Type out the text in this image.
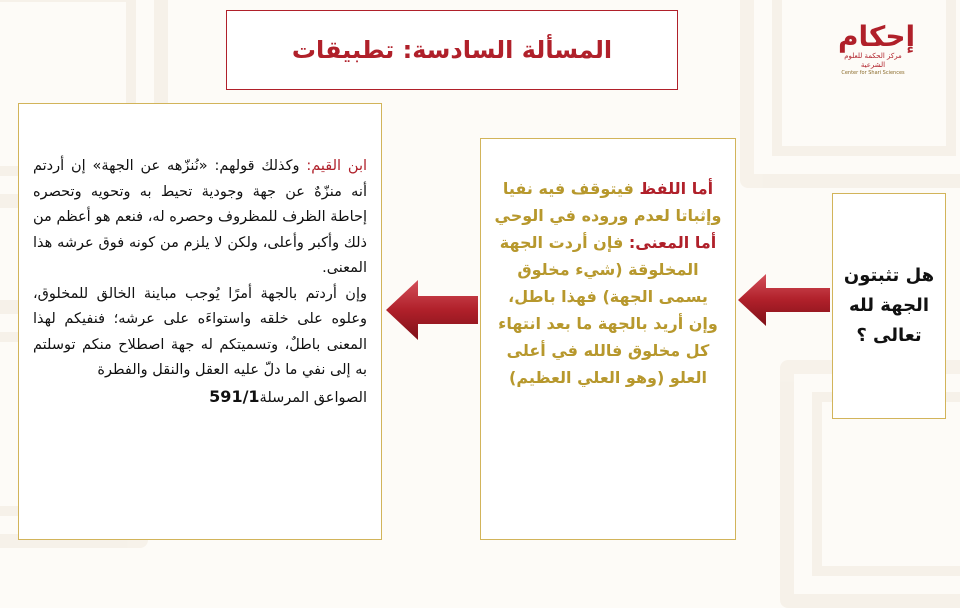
المسألة السادسة: تطبيقات	إحكام
مركز الحكمة للعلوم الشرعية
Center for Shari Sciences
هل تثبتون الجهة لله تعالى ؟

أما اللفظ فيتوقف فيه نفيا وإثباتا لعدم وروده في الوحي

أما المعنى: فإن أردت الجهة المخلوقة (شيء مخلوق يسمى الجهة) فهذا باطل، وإن أريد بالجهة ما بعد انتهاء كل مخلوق فالله في أعلى العلو (وهو العلي العظيم)

ابن القيم: وكذلك قولهم: «نُنزّهه عن الجهة» إن أردتم أنه منزّهٌ عن جهة وجودية تحيط به وتحويه وتحصره إحاطة الظرف للمظروف وحصره له، فنعم هو أعظم من ذلك وأكبر وأعلى، ولكن لا يلزم من كونه فوق عرشه هذا المعنى.

وإن أردتم بالجهة أمرًا يُوجب مباينة الخالق للمخلوق، وعلوه على خلقه واستواءَه على عرشه؛ فنفيكم لهذا المعنى باطلٌ، وتسميتكم له جهة اصطلاح منكم توسلتم به إلى نفي ما دلّ عليه العقل والنقل والفطرة

الصواعق المرسلة591/1
